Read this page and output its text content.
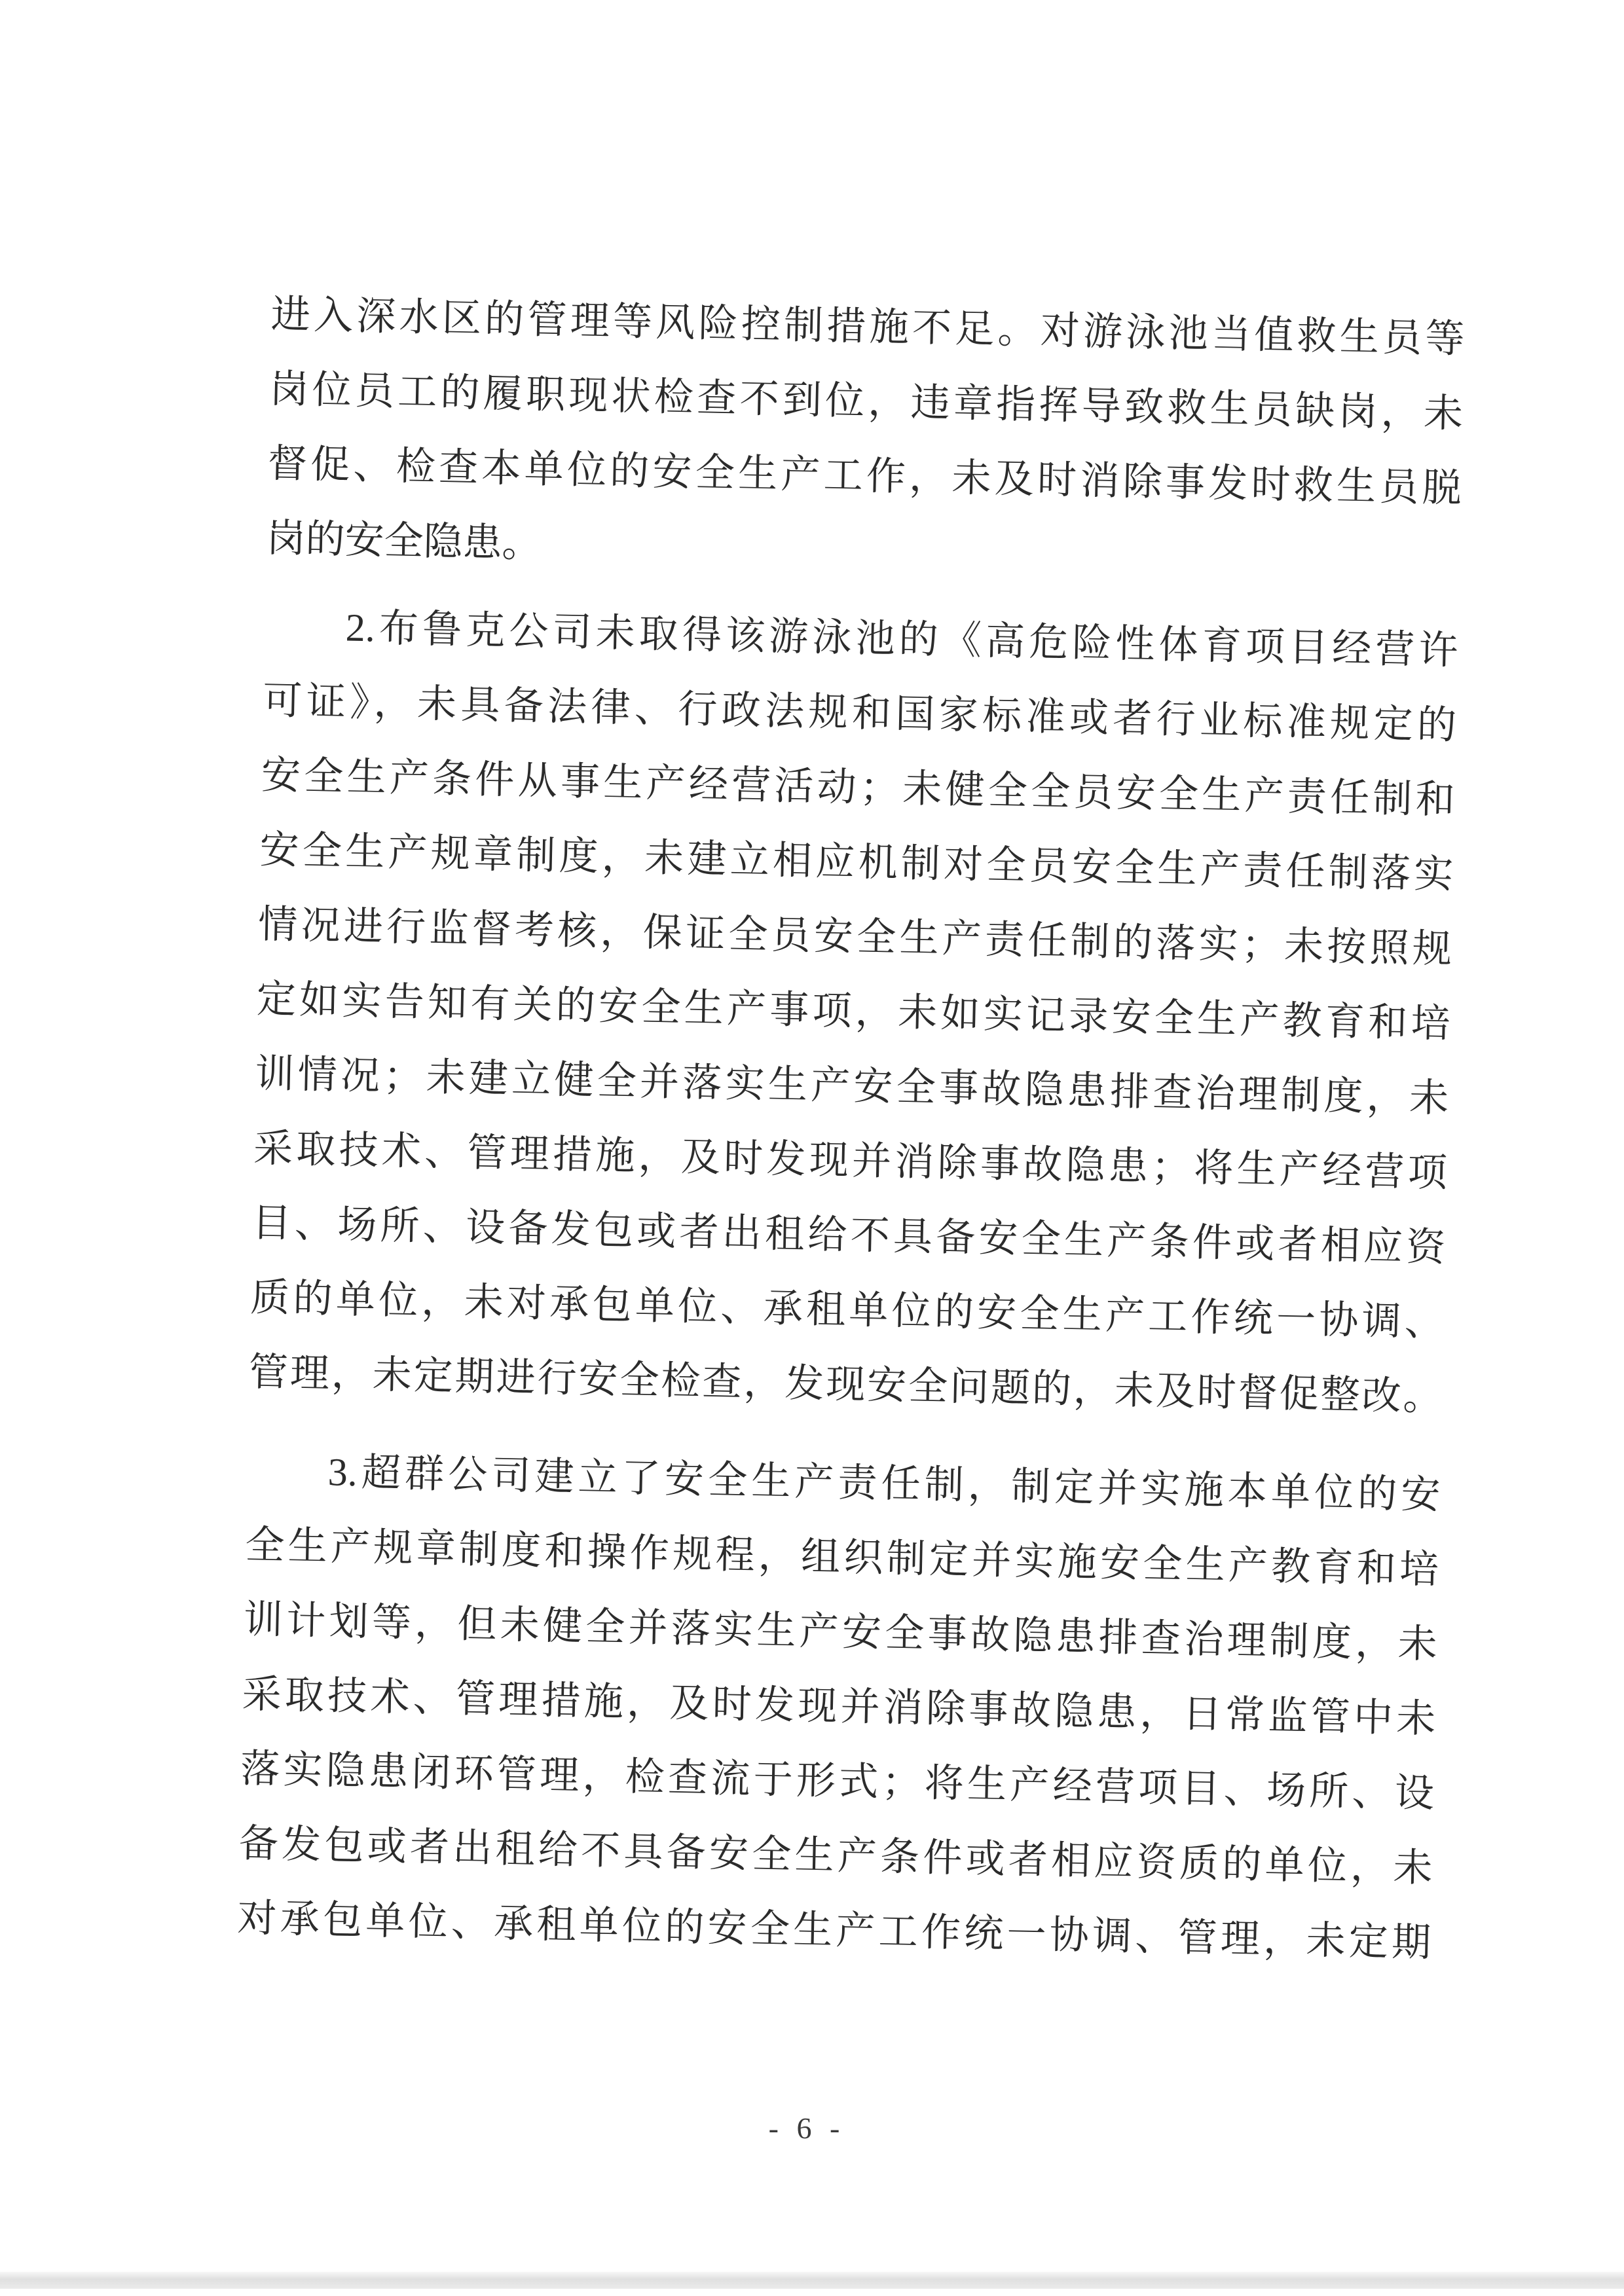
进入深水区的管理等风险控制措施不足。对游泳池当值救生员等
岗位员工的履职现状检查不到位，违章指挥导致救生员缺岗，未
督促、检查本单位的安全生产工作，未及时消除事发时救生员脱
岗的安全隐患。
2.布鲁克公司未取得该游泳池的《高危险性体育项目经营许
可证》，未具备法律、行政法规和国家标准或者行业标准规定的
安全生产条件从事生产经营活动；未健全全员安全生产责任制和
安全生产规章制度，未建立相应机制对全员安全生产责任制落实
情况进行监督考核，保证全员安全生产责任制的落实；未按照规
定如实告知有关的安全生产事项，未如实记录安全生产教育和培
训情况；未建立健全并落实生产安全事故隐患排查治理制度，未
采取技术、管理措施，及时发现并消除事故隐患；将生产经营项
目、场所、设备发包或者出租给不具备安全生产条件或者相应资
质的单位，未对承包单位、承租单位的安全生产工作统一协调、
管理，未定期进行安全检查，发现安全问题的，未及时督促整改。
3.超群公司建立了安全生产责任制，制定并实施本单位的安
全生产规章制度和操作规程，组织制定并实施安全生产教育和培
训计划等，但未健全并落实生产安全事故隐患排查治理制度，未
采取技术、管理措施，及时发现并消除事故隐患，日常监管中未
落实隐患闭环管理，检查流于形式；将生产经营项目、场所、设
备发包或者出租给不具备安全生产条件或者相应资质的单位，未
对承包单位、承租单位的安全生产工作统一协调、管理，未定期
- 6 -
